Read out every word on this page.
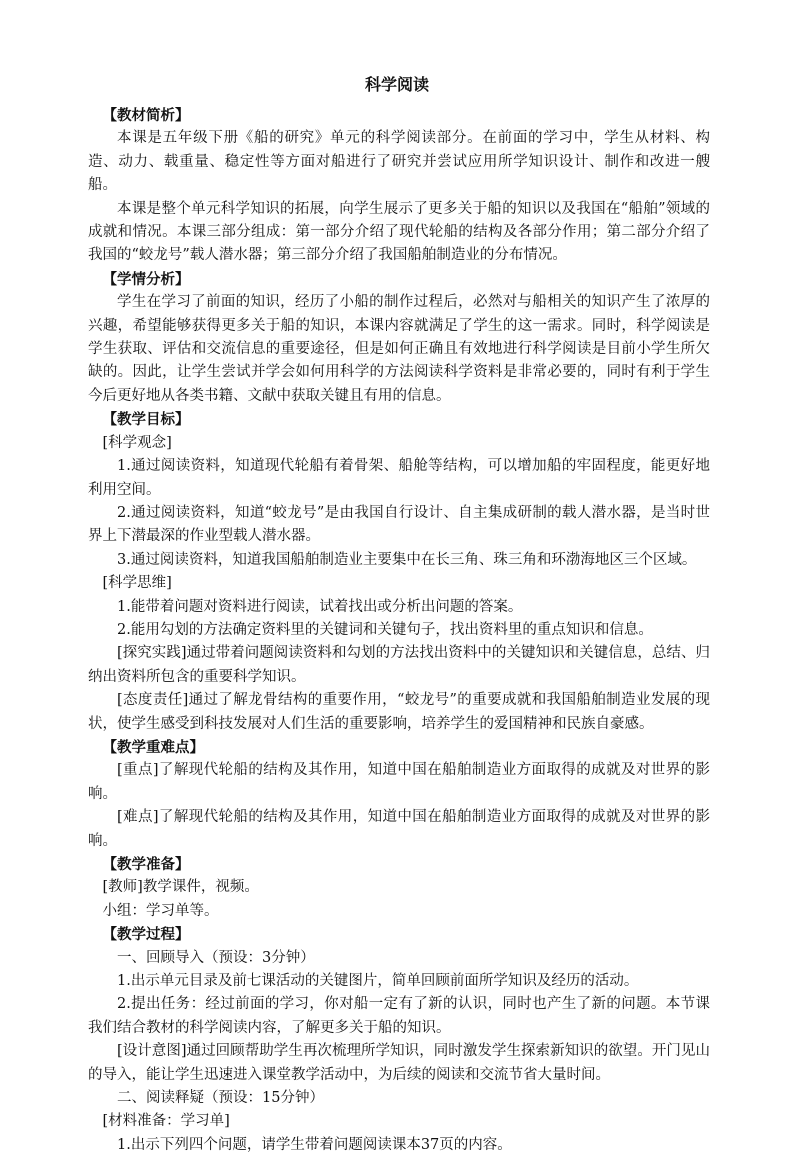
科学阅读

【教材简析】

本课是五年级下册《船的研究》单元的科学阅读部分。在前面的学习中，学生从材料、构造、动力、载重量、稳定性等方面对船进行了研究并尝试应用所学知识设计、制作和改进一艘船。

本课是整个单元科学知识的拓展，向学生展示了更多关于船的知识以及我国在“船舶”领域的成就和情况。本课三部分组成：第一部分介绍了现代轮船的结构及各部分作用；第二部分介绍了我国的“蛟龙号”载人潜水器；第三部分介绍了我国船舶制造业的分布情况。

【学情分析】

学生在学习了前面的知识，经历了小船的制作过程后，必然对与船相关的知识产生了浓厚的兴趣，希望能够获得更多关于船的知识，本课内容就满足了学生的这一需求。同时，科学阅读是学生获取、评估和交流信息的重要途径，但是如何正确且有效地进行科学阅读是目前小学生所欠缺的。因此，让学生尝试并学会如何用科学的方法阅读科学资料是非常必要的，同时有利于学生今后更好地从各类书籍、文献中获取关键且有用的信息。

【教学目标】

[科学观念]

1.通过阅读资料，知道现代轮船有着骨架、船舱等结构，可以增加船的牢固程度，能更好地利用空间。

2.通过阅读资料，知道“蛟龙号”是由我国自行设计、自主集成研制的载人潜水器，是当时世界上下潜最深的作业型载人潜水器。

3.通过阅读资料，知道我国船舶制造业主要集中在长三角、珠三角和环渤海地区三个区域。

[科学思维]

1.能带着问题对资料进行阅读，试着找出或分析出问题的答案。

2.能用勾划的方法确定资料里的关键词和关键句子，找出资料里的重点知识和信息。

[探究实践]通过带着问题阅读资料和勾划的方法找出资料中的关键知识和关键信息，总结、归纳出资料所包含的重要科学知识。

[态度责任]通过了解龙骨结构的重要作用，“蛟龙号”的重要成就和我国船舶制造业发展的现状，使学生感受到科技发展对人们生活的重要影响，培养学生的爱国精神和民族自豪感。

【教学重难点】

[重点]了解现代轮船的结构及其作用，知道中国在船舶制造业方面取得的成就及对世界的影响。

[难点]了解现代轮船的结构及其作用，知道中国在船舶制造业方面取得的成就及对世界的影响。

【教学准备】

[教师]教学课件，视频。

小组：学习单等。

【教学过程】

一、回顾导入（预设：3分钟）

1.出示单元目录及前七课活动的关键图片，简单回顾前面所学知识及经历的活动。

2.提出任务：经过前面的学习，你对船一定有了新的认识，同时也产生了新的问题。本节课我们结合教材的科学阅读内容，了解更多关于船的知识。

[设计意图]通过回顾帮助学生再次梳理所学知识，同时激发学生探索新知识的欲望。开门见山的导入，能让学生迅速进入课堂教学活动中，为后续的阅读和交流节省大量时间。

二、阅读释疑（预设：15分钟）

[材料准备：学习单]

1.出示下列四个问题，请学生带着问题阅读课本37页的内容。
